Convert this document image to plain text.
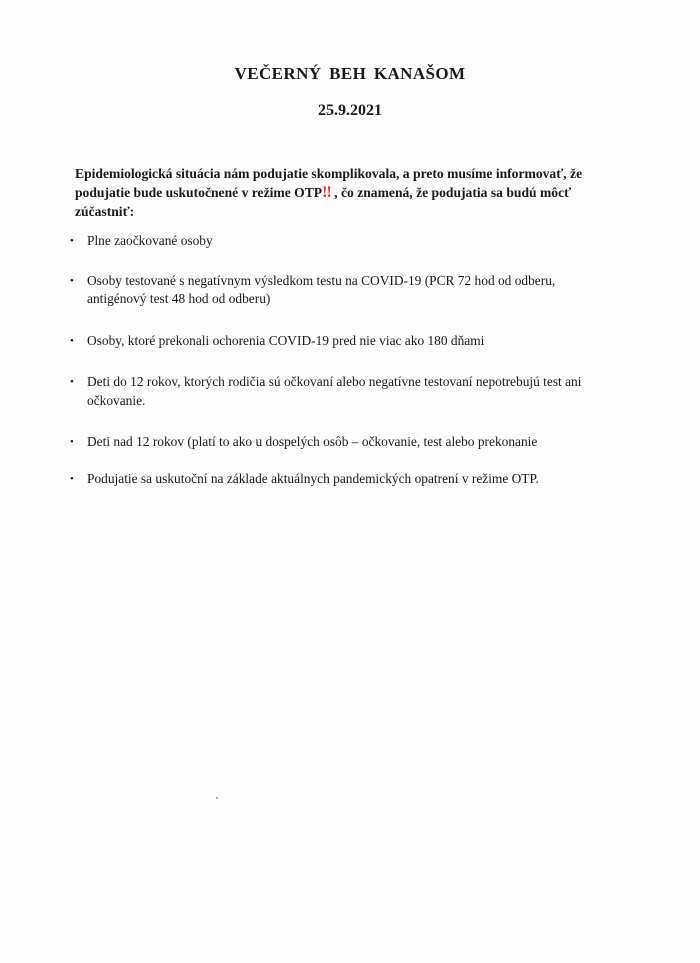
VEČERNÝ BEH KANAŠOM
25.9.2021
Epidemiologická situácia nám podujatie skomplikovala, a preto musíme informovať, že podujatie bude uskutočnené v režime OTP‼ , čo znamená, že podujatia sa budú môcť zúčastniť:
• Plne zaočkované osoby
• Osoby testované s negatívnym výsledkom testu na COVID-19 (PCR 72 hod od odberu, antigénový test 48 hod od odberu)
• Osoby, ktoré prekonali ochorenia COVID-19 pred nie viac ako 180 dňami
• Deti do 12 rokov, ktorých rodičia sú očkovaní alebo negatívne testovaní nepotrebujú test ani očkovanie.
• Deti nad 12 rokov (platí to ako u dospelých osôb – očkovanie, test alebo prekonanie
• Podujatie sa uskutoční na základe aktuálnych pandemických opatrení v režime OTP.
